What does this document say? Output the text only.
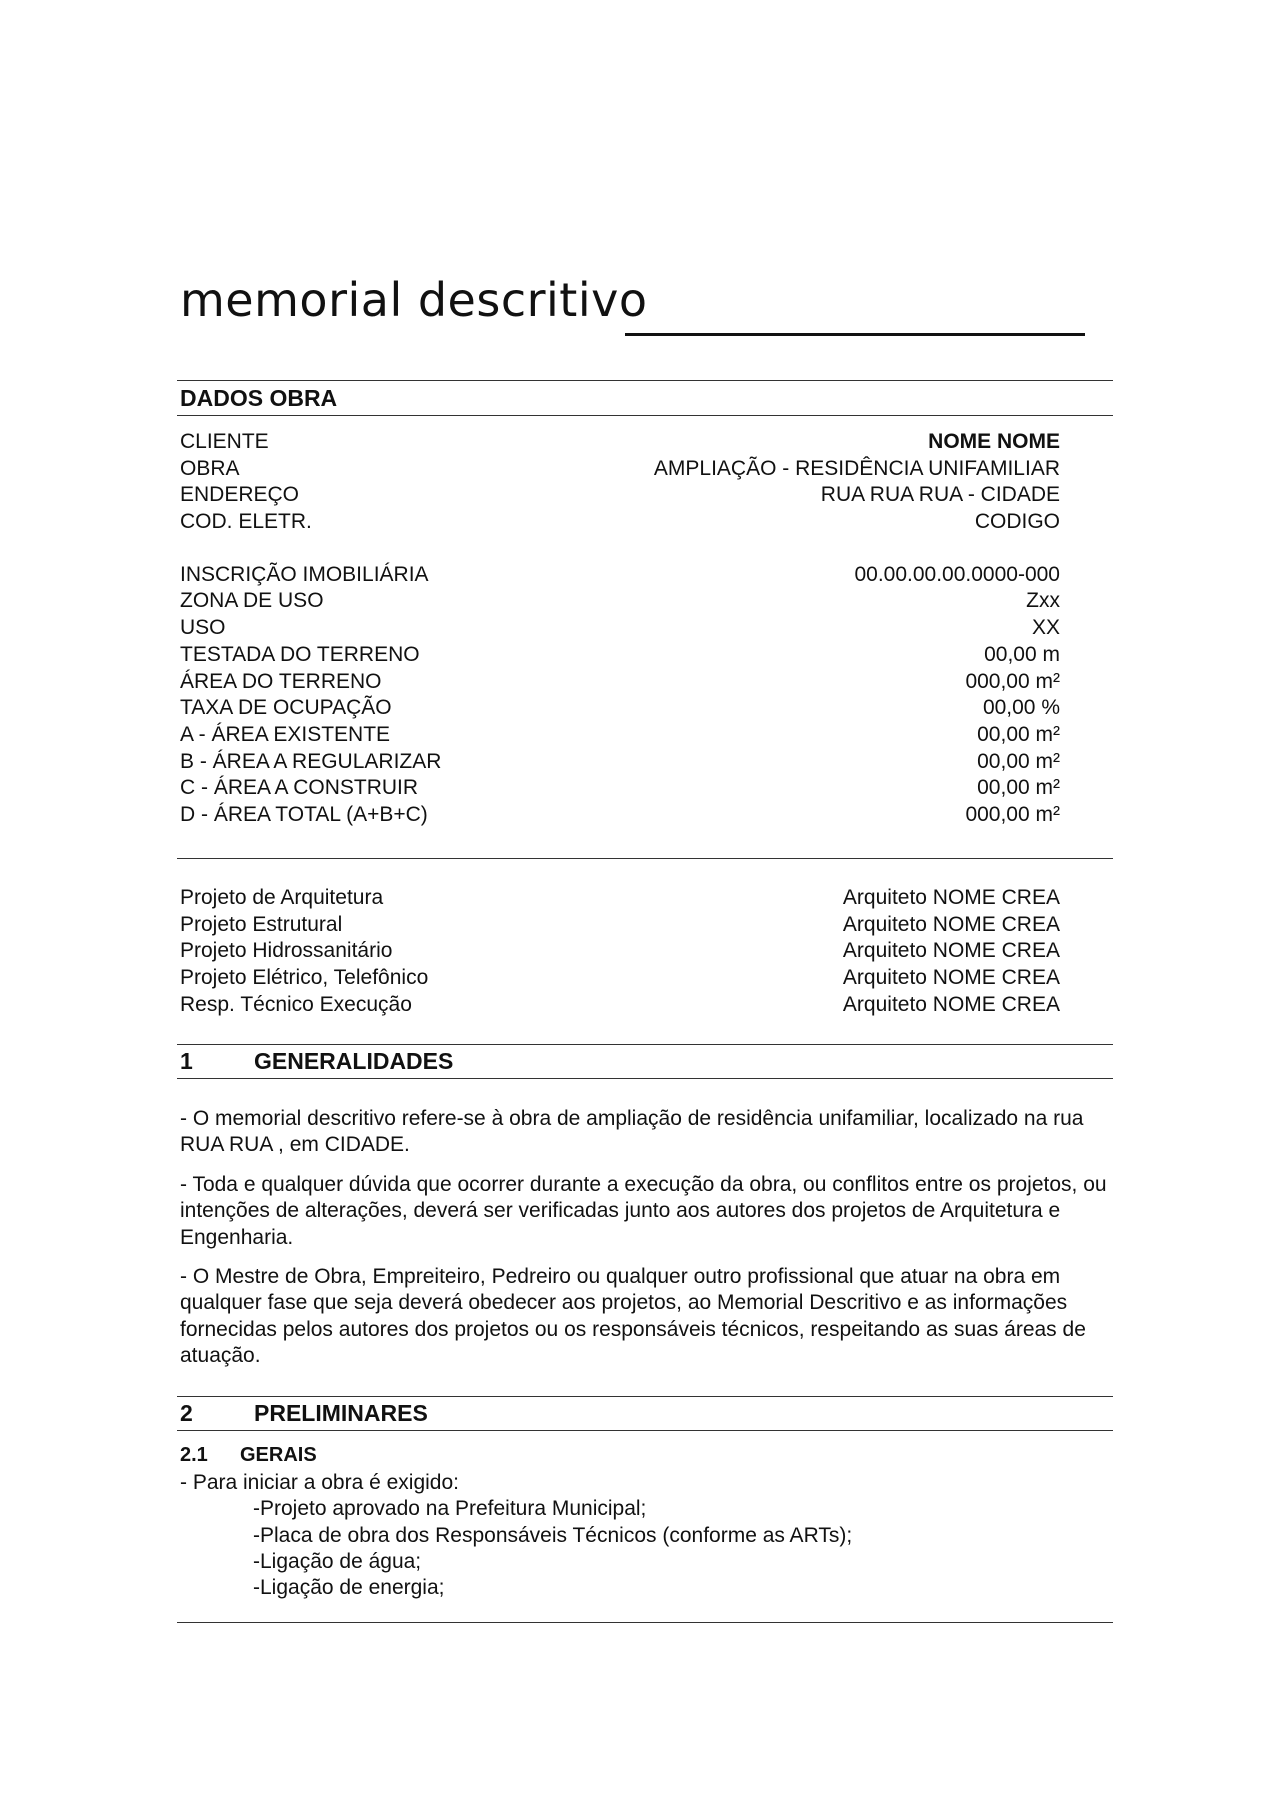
memorial descritivo
DADOS OBRA
CLIENTE	NOME NOME
OBRA	AMPLIAÇÃO - RESIDÊNCIA UNIFAMILIAR
ENDEREÇO	RUA RUA RUA - CIDADE
COD. ELETR.	CODIGO
INSCRIÇÃO IMOBILIÁRIA	00.00.00.00.0000-000
ZONA DE USO	Zxx
USO	XX
TESTADA DO TERRENO	00,00 m
ÁREA DO TERRENO	000,00 m²
TAXA DE OCUPAÇÃO	00,00 %
A - ÁREA EXISTENTE	00,00 m²
B - ÁREA A REGULARIZAR	00,00 m²
C - ÁREA A CONSTRUIR	00,00 m²
D - ÁREA TOTAL (A+B+C)	000,00 m²
Projeto de Arquitetura	Arquiteto NOME CREA
Projeto Estrutural	Arquiteto NOME CREA
Projeto Hidrossanitário	Arquiteto NOME CREA
Projeto Elétrico, Telefônico	Arquiteto NOME CREA
Resp. Técnico Execução	Arquiteto NOME CREA
1	GENERALIDADES

- O memorial descritivo refere-se à obra de ampliação de residência unifamiliar, localizado na rua RUA RUA , em CIDADE.

- Toda e qualquer dúvida que ocorrer durante a execução da obra, ou conflitos entre os projetos, ou intenções de alterações, deverá ser verificadas junto aos autores dos projetos de Arquitetura e Engenharia.

- O Mestre de Obra, Empreiteiro, Pedreiro ou qualquer outro profissional que atuar na obra em qualquer fase que seja deverá obedecer aos projetos, ao Memorial Descritivo e as informações fornecidas pelos autores dos projetos ou os responsáveis técnicos, respeitando as suas áreas de atuação.

2	PRELIMINARES
2.1 GERAIS
- Para iniciar a obra é exigido:
-Projeto aprovado na Prefeitura Municipal;
-Placa de obra dos Responsáveis Técnicos (conforme as ARTs);
-Ligação de água;
-Ligação de energia;
